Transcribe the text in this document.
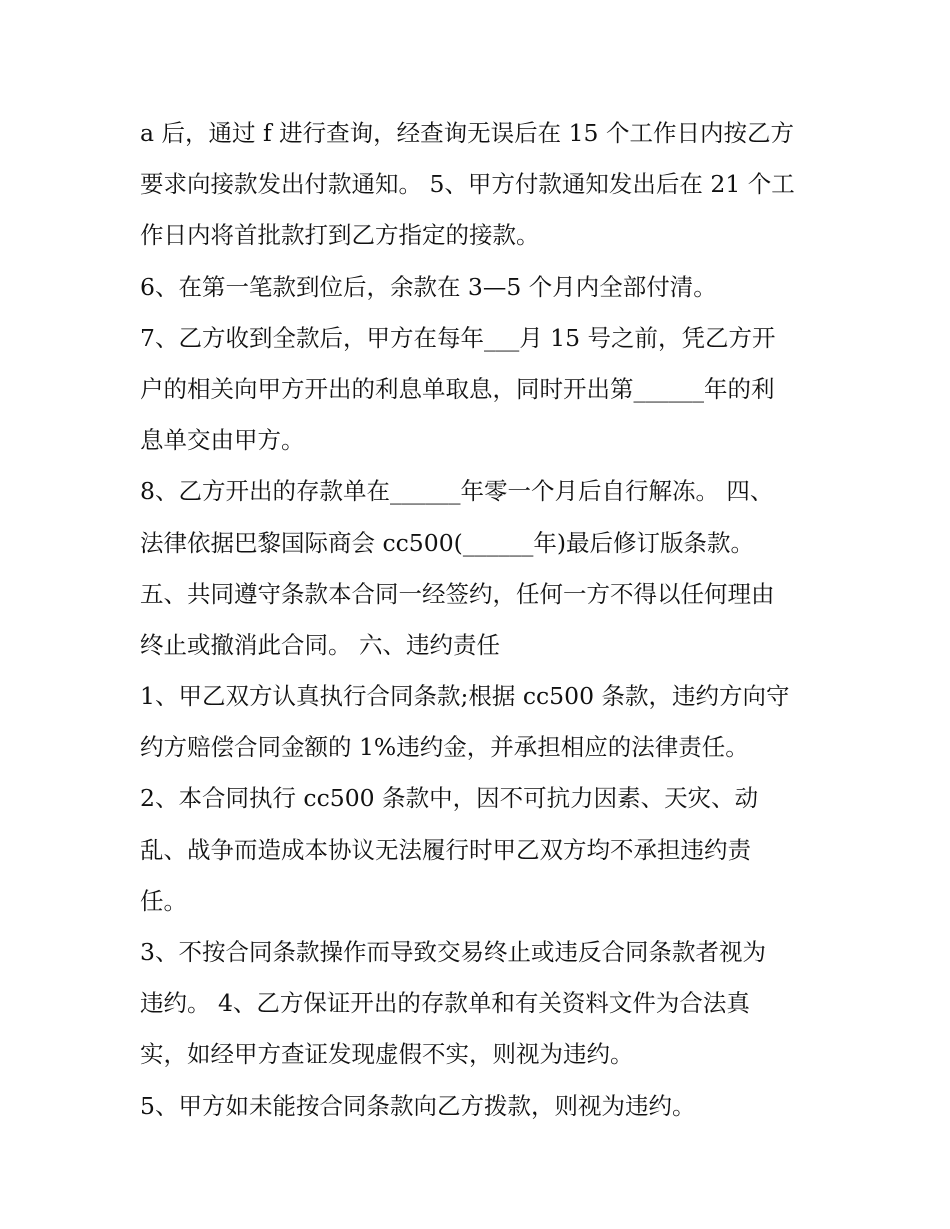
a 后，通过 f 进行查询，经查询无误后在 15 个工作日内按乙方
要求向接款发出付款通知。 5、甲方付款通知发出后在 21 个工
作日内将首批款打到乙方指定的接款。
6、在第一笔款到位后，余款在 3—5 个月内全部付清。
7、乙方收到全款后，甲方在每年___月 15 号之前，凭乙方开
户的相关向甲方开出的利息单取息，同时开出第______年的利
息单交由甲方。
8、乙方开出的存款单在______年零一个月后自行解冻。 四、
法律依据巴黎国际商会 cc500(______年)最后修订版条款。
五、共同遵守条款本合同一经签约，任何一方不得以任何理由
终止或撤消此合同。 六、违约责任
1、甲乙双方认真执行合同条款;根据 cc500 条款，违约方向守
约方赔偿合同金额的 1%违约金，并承担相应的法律责任。
2、本合同执行 cc500 条款中，因不可抗力因素、天灾、动
乱、战争而造成本协议无法履行时甲乙双方均不承担违约责
任。
3、不按合同条款操作而导致交易终止或违反合同条款者视为
违约。 4、乙方保证开出的存款单和有关资料文件为合法真
实，如经甲方查证发现虚假不实，则视为违约。
5、甲方如未能按合同条款向乙方拨款，则视为违约。
